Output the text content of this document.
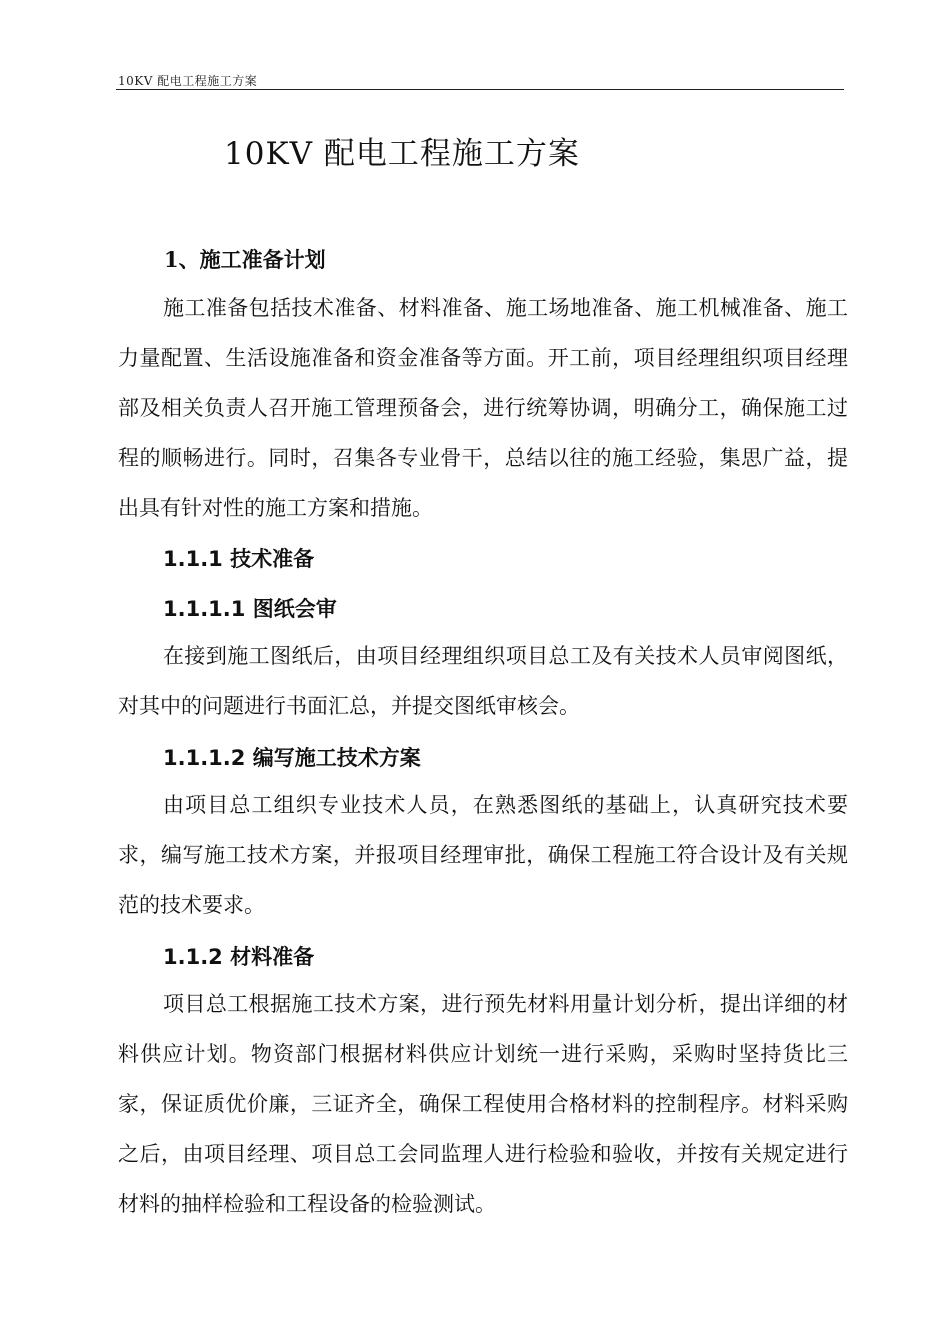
10KV 配电工程施工方案
10KV 配电工程施工方案
1、施工准备计划

施工准备包括技术准备、材料准备、施工场地准备、施工机械准备、施工力量配置、生活设施准备和资金准备等方面。开工前，项目经理组织项目经理部及相关负责人召开施工管理预备会，进行统筹协调，明确分工，确保施工过程的顺畅进行。同时，召集各专业骨干，总结以往的施工经验，集思广益，提出具有针对性的施工方案和措施。

1.1.1 技术准备
1.1.1.1 图纸会审

在接到施工图纸后，由项目经理组织项目总工及有关技术人员审阅图纸，对其中的问题进行书面汇总，并提交图纸审核会。

1.1.1.2 编写施工技术方案

由项目总工组织专业技术人员，在熟悉图纸的基础上，认真研究技术要求，编写施工技术方案，并报项目经理审批，确保工程施工符合设计及有关规范的技术要求。

1.1.2 材料准备

项目总工根据施工技术方案，进行预先材料用量计划分析，提出详细的材料供应计划。物资部门根据材料供应计划统一进行采购，采购时坚持货比三家，保证质优价廉，三证齐全，确保工程使用合格材料的控制程序。材料采购之后，由项目经理、项目总工会同监理人进行检验和验收，并按有关规定进行材料的抽样检验和工程设备的检验测试。
